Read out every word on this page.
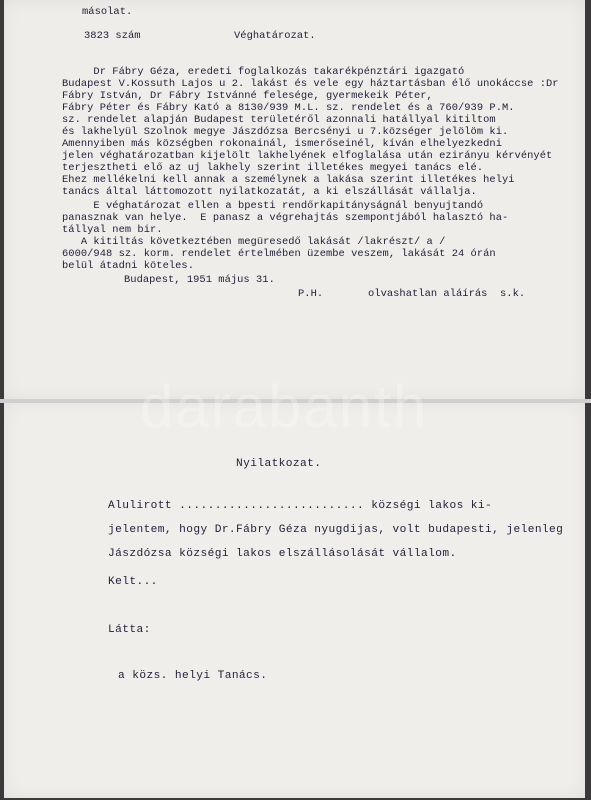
másolat.
3823 szám	Véghatározat.
Dr Fábry Géza, eredeti foglalkozás takarékpénztári igazgató
Budapest V.Kossuth Lajos u 2. lakást és vele egy háztartásban élő unokáccse :Dr Fábry István, Dr Fábry Istvánné felesége, gyermekeik Péter,
Fábry Péter és Fábry Kató a 8130/939 M.L. sz. rendelet és a 760/939 P.M.
sz. rendelet alapján Budapest területéről azonnali hatállyal kitiltom
és lakhelyül Szolnok megye Jászdózsa Bercsényi u 7.községer jelölöm ki.
Amennyiben más községben rokonainál, ismerőseinél, kíván elhelyezkedni
jelen véghatározatban kijelölt lakhelyének elfoglalása után ezirányu kérvényét terjesztheti elő az uj lakhely szerint illetékes megyei tanács elé.
Ehez mellékelni kell annak a személynek a lakása szerint illetékes helyi
tanács által láttomozott nyilatkozatát, a ki elszállását vállalja.
E véghatározat ellen a bpesti rendőrkapitányságnál benyujtandó
panasznak van helye.  E panasz a végrehajtás szempontjából halasztó ha-
tállyal nem bir.
A kitiltás következtében megüresedő lakását /lakrészt/ a /
6000/948 sz. korm. rendelet értelmében üzembe veszem, lakását 24 órán
belül átadni köteles.
Budapest, 1951 május 31.
P.H.	olvashatlan aláírás  s.k.
darabanth
Nyilatkozat.
Alulirott .......................... községi lakos ki-
jelentem, hogy Dr.Fábry Géza nyugdijas, volt budapesti, jelenleg
Jászdózsa községi lakos elszállásolását vállalom.
Kelt...
Látta:
a közs. helyi Tanács.
